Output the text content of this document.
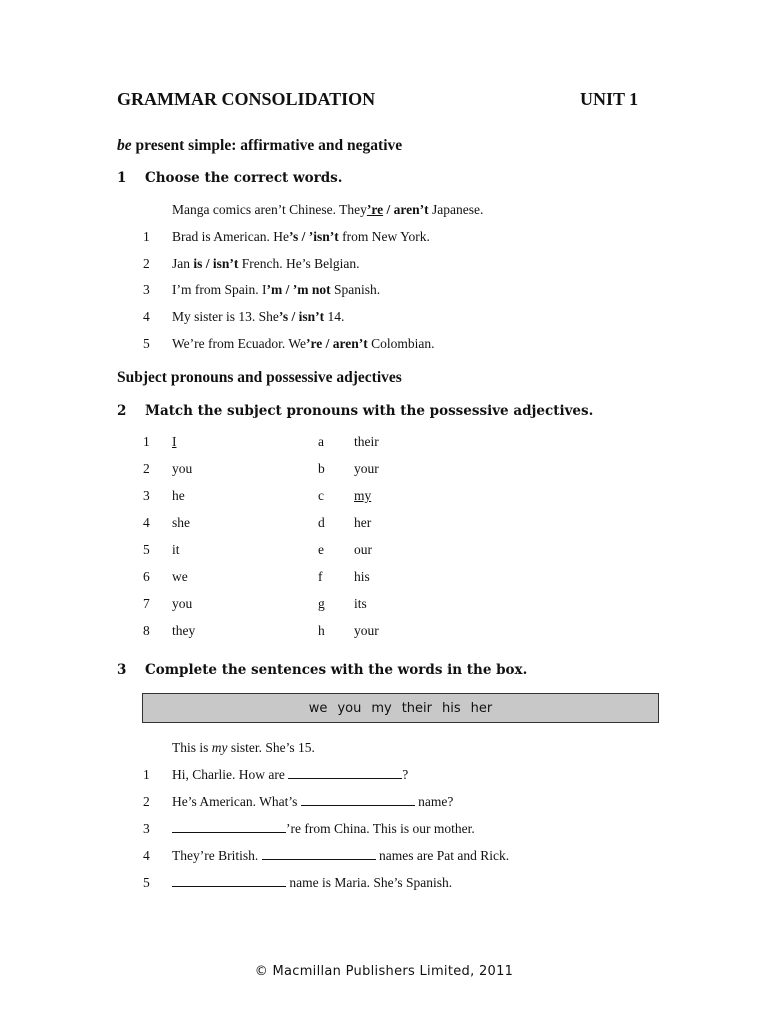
GRAMMAR CONSOLIDATION	UNIT 1
be present simple: affirmative and negative
1 Choose the correct words.
Manga comics aren’t Chinese. They’re / aren’t Japanese.
1 Brad is American. He’s / ’isn’t from New York.
2 Jan is / isn’t French. He’s Belgian.
3 I’m from Spain. I’m / ’m not Spanish.
4 My sister is 13. She’s / isn’t 14.
5 We’re from Ecuador. We’re / aren’t Colombian.
Subject pronouns and possessive adjectives
2 Match the subject pronouns with the possessive adjectives.
1 I	a their
2 you	b your
3 he	c my
4 she	d her
5 it	e our
6 we	f his
7 you	g its
8 they	h your
3 Complete the sentences with the words in the box.
we you my their his her
This is my sister. She’s 15.
1 Hi, Charlie. How are	?
2 He’s American. What’s	name?
3	’re from China. This is our mother.
4 They’re British.	names are Pat and Rick.
5	name is Maria. She’s Spanish.
© Macmillan Publishers Limited, 2011
